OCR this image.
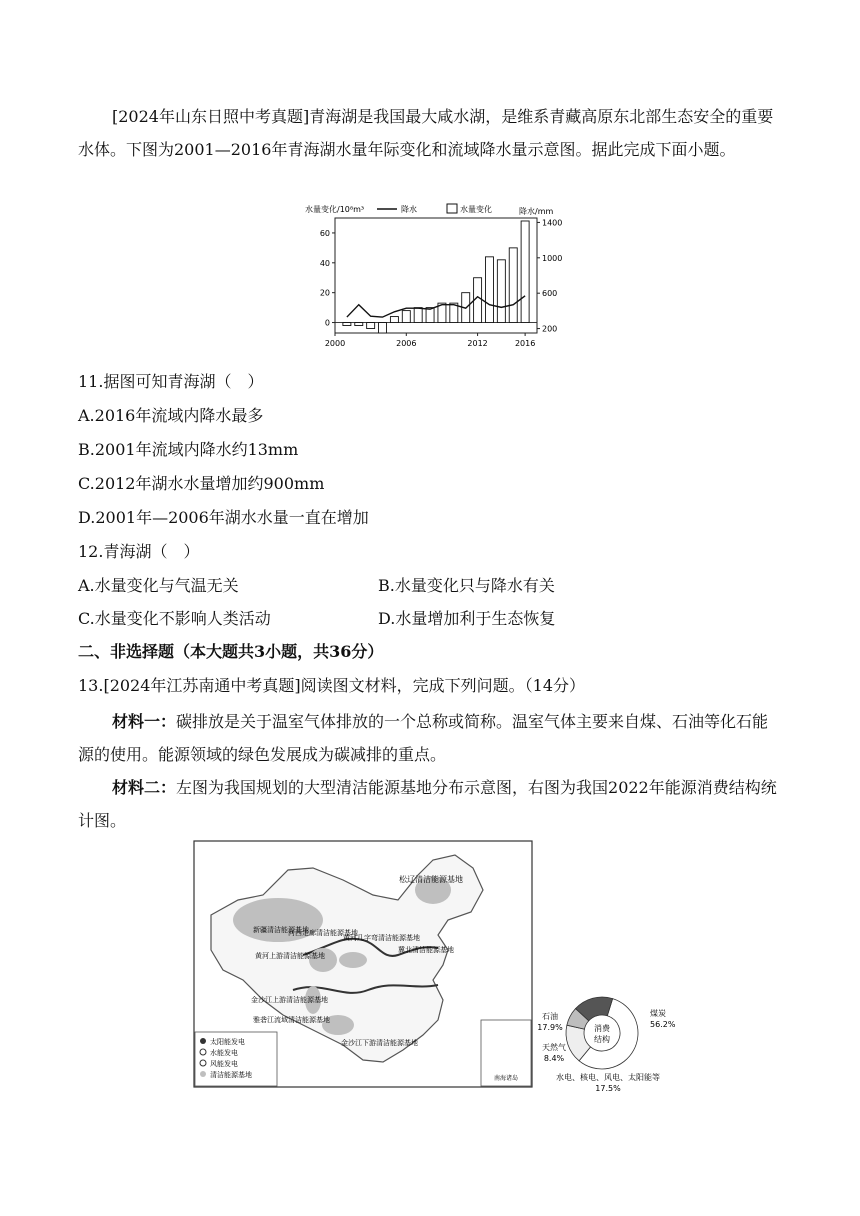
[2024年山东日照中考真题]青海湖是我国最大咸水湖，是维系青藏高原东北部生态安全的重要水体。下图为2001—2016年青海湖水量年际变化和流域降水量示意图。据此完成下面小题。

0
20
40
60
200
600
1000
1400
2000	2006	2012	2016
水量变化/10⁸m³	降水/mm
降水	水量变化
11.据图可知青海湖（　）
A.2016年流域内降水最多
B.2001年流域内降水约13mm
C.2012年湖水水量增加约900mm
D.2001年—2006年湖水水量一直在增加
12.青海湖（　）
A.水量变化与气温无关	B.水量变化只与降水有关
C.水量变化不影响人类活动	D.水量增加利于生态恢复
二、非选择题（本大题共3小题，共36分）
13.[2024年江苏南通中考真题]阅读图文材料，完成下列问题。（14分）

材料一：碳排放是关于温室气体排放的一个总称或简称。温室气体主要来自煤、石油等化石能源的使用。能源领域的绿色发展成为碳减排的重点。

材料二：左图为我国规划的大型清洁能源基地分布示意图，右图为我国2022年能源消费结构统计图。

松辽清洁能源基地
新疆清洁能源基地
河西走廊清洁能源基地
黄河几字弯清洁能源基地
黄河上游清洁能源基地
冀北清洁能源基地
金沙江上游清洁能源基地
雅砻江流域清洁能源基地
金沙江下游清洁能源基地
太阳能发电
水能发电
风能发电
清洁能源基地	南海诸岛
消费
结构
煤炭
56.2%
水电、核电、风电、太阳能等
17.5%
天然气
8.4%
石油
17.9%
